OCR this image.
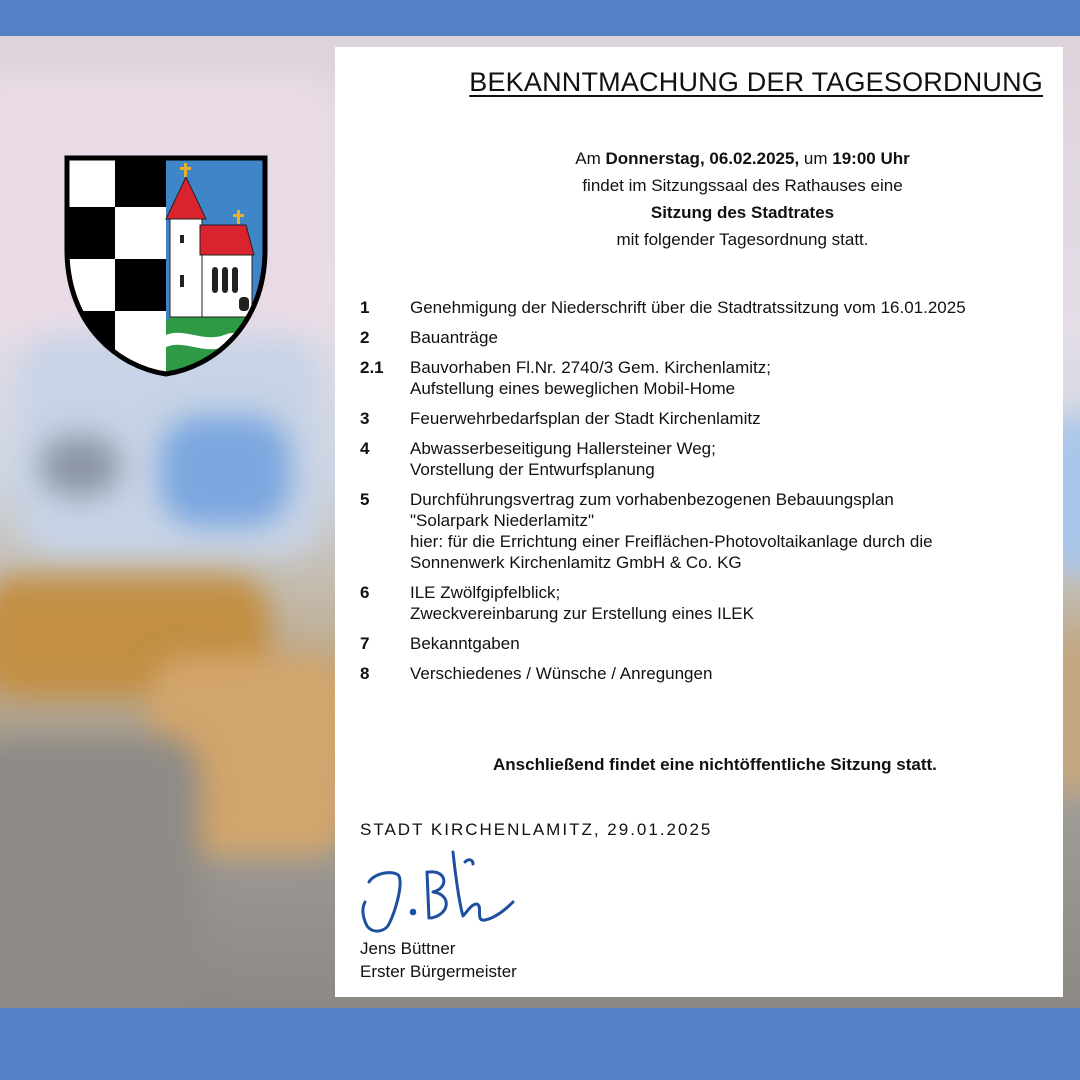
BEKANNTMACHUNG DER TAGESORDNUNG
Am Donnerstag, 06.02.2025, um 19:00 Uhr
findet im Sitzungssaal des Rathauses eine
Sitzung des Stadtrates
mit folgender Tagesordnung statt.
1	Genehmigung der Niederschrift über die Stadtratssitzung vom 16.01.2025
2	Bauanträge
2.1	Bauvorhaben Fl.Nr. 2740/3 Gem. Kirchenlamitz;
Aufstellung eines beweglichen Mobil-Home
3	Feuerwehrbedarfsplan der Stadt Kirchenlamitz
4	Abwasserbeseitigung Hallersteiner Weg;
Vorstellung der Entwurfsplanung
5	Durchführungsvertrag zum vorhabenbezogenen Bebauungsplan
"Solarpark Niederlamitz"
hier: für die Errichtung einer Freiflächen-Photovoltaikanlage durch die
Sonnenwerk Kirchenlamitz GmbH & Co. KG
6	ILE Zwölfgipfelblick;
Zweckvereinbarung zur Erstellung eines ILEK
7	Bekanntgaben
8	Verschiedenes / Wünsche / Anregungen
Anschließend findet eine nichtöffentliche Sitzung statt.
STADT KIRCHENLAMITZ, 29.01.2025
Jens Büttner
Erster Bürgermeister
